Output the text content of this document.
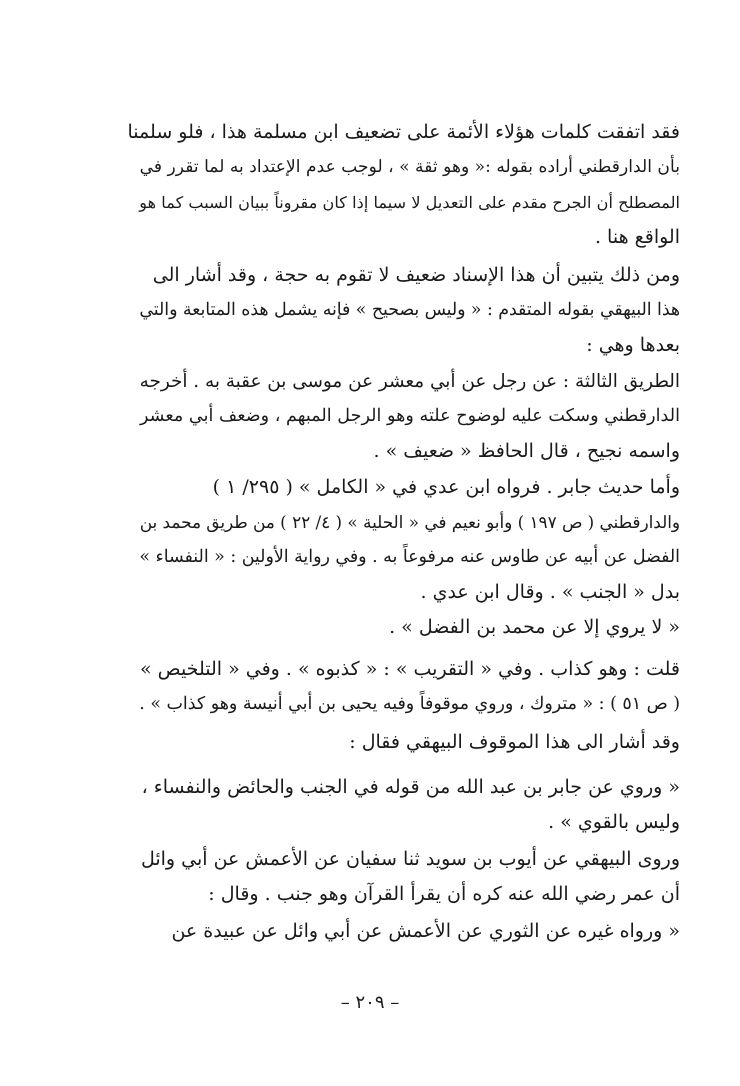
فقد اتفقت كلمات هؤلاء الأئمة على تضعيف ابن مسلمة هذا ، فلو سلمنا
بأن الدارقطني أراده بقوله :« وهو ثقة » ، لوجب عدم الإعتداد به لما تقرر في
المصطلح أن الجرح مقدم على التعديل لا سيما إذا كان مقروناً ببيان السبب كما هو
الواقع هنا .

ومن ذلك يتبين أن هذا الإسناد ضعيف لا تقوم به حجة ، وقد أشار الى
هذا البيهقي بقوله المتقدم : « وليس بصحيح » فإنه يشمل هذه المتابعة والتي
بعدها وهي :

الطريق الثالثة : عن رجل عن أبي معشر عن موسى بن عقبة به . أخرجه
الدارقطني وسكت عليه لوضوح علته وهو الرجل المبهم ، وضعف أبي معشر
واسمه نجيح ، قال الحافظ « ضعيف » .

وأما حديث جابر . فرواه ابن عدي في « الكامل » ( ٢٩٥/ ١ )
والدارقطني ( ص ١٩٧ ) وأبو نعيم في « الحلية » ( ٤/ ٢٢ ) من طريق محمد بن
الفضل عن أبيه عن طاوس عنه مرفوعاً به . وفي رواية الأولين : « النفساء »
بدل « الجنب » . وقال ابن عدي .

« لا يروي إلا عن محمد بن الفضل » .

قلت : وهو كذاب . وفي « التقريب » : « كذبوه » . وفي « التلخيص »
( ص ٥١ ) : « متروك ، وروي موقوفاً وفيه يحيى بن أبي أنيسة وهو كذاب » .

وقد أشار الى هذا الموقوف البيهقي فقال :

« وروي عن جابر بن عبد الله من قوله في الجنب والحائض والنفساء ،
وليس بالقوي » .

وروى البيهقي عن أيوب بن سويد ثنا سفيان عن الأعمش عن أبي وائل
أن عمر رضي الله عنه كره أن يقرأ القرآن وهو جنب . وقال :

« ورواه غيره عن الثوري عن الأعمش عن أبي وائل عن عبيدة عن

– ٢٠٩ –
